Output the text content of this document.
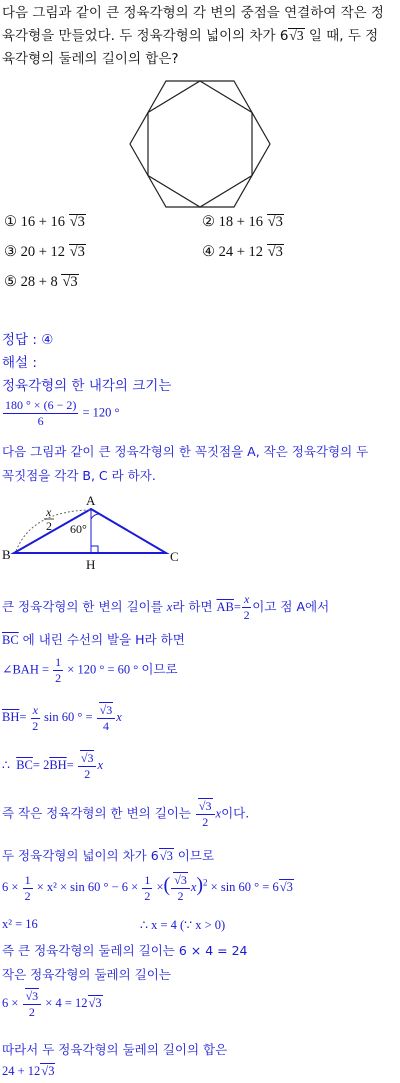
다음 그림과 같이 큰 정육각형의 각 변의 중점을 연결하여 작은 정
육각형을 만들었다. 두 정육각형의 넓이의 차가 6√3 일 때, 두 정
육각형의 둘레의 길이의 합은?
① 16 + 16 √3	② 18 + 16 √3
③ 20 + 12 √3	④ 24 + 12 √3
⑤ 28 + 8 √3
정답 : ④
해설 :
정육각형의 한 내각의 크기는
$\frac{180 ^\circ \times (6 - 2)}{6} = 120$ °
다음 그림과 같이 큰 정육각형의 한 꼭짓점을 A, 작은 정육각형의 두
꼭짓점을 각각 B, C 라 하자.
A
B	C
H
60°
x
2
큰 정육각형의 한 변의 길이를 x라 하면 $\overline{AB}= \frac{x}{2}$ 이고 점 A에서
$\overline{BC}$ 에 내린 수선의 발을 H라 하면
∠BAH = $\frac{1}{2} \times 120$ ° = 60 ° 이므로
$\overline{BH}= \frac{x}{2}$ sin 60 ° = $\frac{√3}{4}$ x
∴ $\overline{BC}= 2\overline{BH}= \frac{√3}{2}$ x
즉 작은 정육각형의 한 변의 길이는 $\frac{√3}{2}$ x이다.
두 정육각형의 넓이의 차가 6√3 이므로
$6 \times \frac{1}{2} \times x^2 \times \sin 60$ ° − $6 \times \frac{1}{2}$ ×( $\frac{√3}{2} x)^2 \times \sin 60$ ° = 6√3
x² = 16	∴ x = 4 (∵ x > 0)
즉 큰 정육각형의 둘레의 길이는 6 × 4 = 24
작은 정육각형의 둘레의 길이는
$6 \times \frac{√3}{2} \times 4 = 12√3$
따라서 두 정육각형의 둘레의 길이의 합은
24 + 12√3
